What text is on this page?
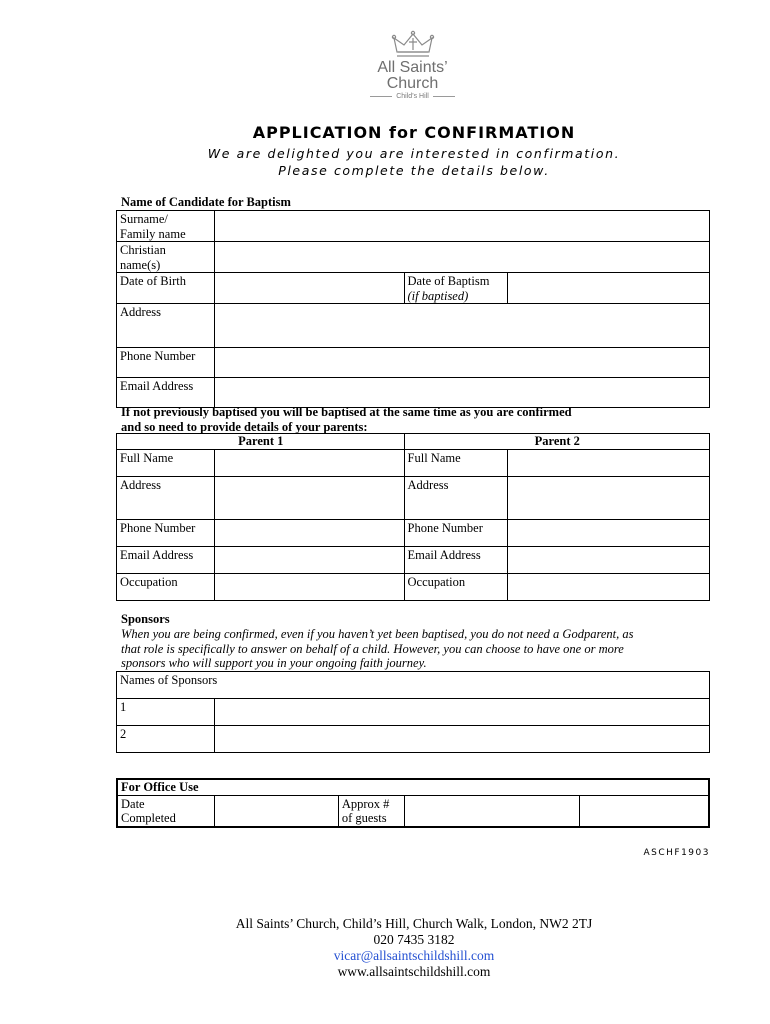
All Saints’
Church
Child’s Hill
APPLICATION for CONFIRMATION
We are delighted you are interested in confirmation.
Please complete the details below.
Name of Candidate for Baptism
Surname/
Family name			
Christian
name(s)			
Date of Birth		Date of Baptism
(if baptised)	
Address			
Phone Number			
Email Address			
If not previously baptised you will be baptised at the same time as you are confirmed
and so need to provide details of your parents:
Parent 1		Parent 2	
Full Name		Full Name	
Address		Address	
Phone Number		Phone Number	
Email Address		Email Address	
Occupation		Occupation	
Sponsors
When you are being confirmed, even if you haven’t yet been baptised, you do not need a Godparent, as
that role is specifically to answer on behalf of a child. However, you can choose to have one or more
sponsors who will support you in your ongoing faith journey.
Names of Sponsors	
1	
2	
For Office Use
Date
Completed		Approx #
of guests		
ASCHF1903
All Saints’ Church, Child’s Hill, Church Walk, London, NW2 2TJ
020 7435 3182
vicar@allsaintschildshill.com
www.allsaintschildshill.com
